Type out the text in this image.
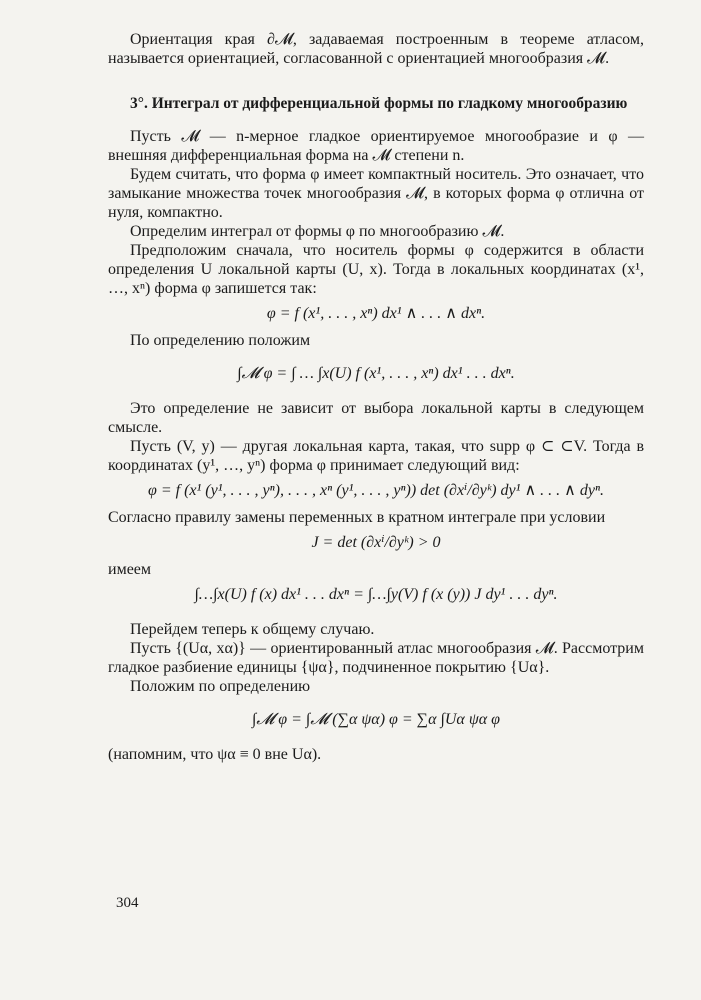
Ориентация края ∂𝓜, задаваемая построенным в теореме атласом, называется ориентацией, согласованной с ориентацией многообразия 𝓜.

3°. Интеграл от дифференциальной формы по гладкому многообразию

Пусть 𝓜 — n-мерное гладкое ориентируемое многообразие и φ — внешняя дифференциальная форма на 𝓜 степени n.

Будем считать, что форма φ имеет компактный носитель. Это означает, что замыкание множества точек многообразия 𝓜, в которых форма φ отлична от нуля, компактно.

Определим интеграл от формы φ по многообразию 𝓜.

Предположим сначала, что носитель формы φ содержится в области определения U локальной карты (U, x). Тогда в локальных координатах (x¹, …, xⁿ) форма φ запишется так:

φ = f (x¹, . . . , xⁿ) dx¹ ∧ . . . ∧ dxⁿ.

По определению положим

∫𝓜 φ = ∫ … ∫x(U) f (x¹, . . . , xⁿ) dx¹ . . . dxⁿ.

Это определение не зависит от выбора локальной карты в следующем смысле.

Пусть (V, y) — другая локальная карта, такая, что supp φ ⊂ ⊂V. Тогда в координатах (y¹, …, yⁿ) форма φ принимает следующий вид:

φ = f (x¹ (y¹, . . . , yⁿ), . . . , xⁿ (y¹, . . . , yⁿ)) det (∂xⁱ/∂yᵏ) dy¹ ∧ . . . ∧ dyⁿ.

Согласно правилу замены переменных в кратном интеграле при условии

J = det (∂xⁱ/∂yᵏ) > 0

имеем

∫…∫x(U) f (x) dx¹ . . . dxⁿ = ∫…∫y(V) f (x (y)) J dy¹ . . . dyⁿ.

Перейдем теперь к общему случаю.

Пусть {(Uα, xα)} — ориентированный атлас многообразия 𝓜. Рассмотрим гладкое разбиение единицы {ψα}, подчиненное покрытию {Uα}.

Положим по определению

∫𝓜 φ = ∫𝓜 (∑α ψα) φ = ∑α ∫Uα ψα φ

(напомним, что ψα ≡ 0 вне Uα).

304
